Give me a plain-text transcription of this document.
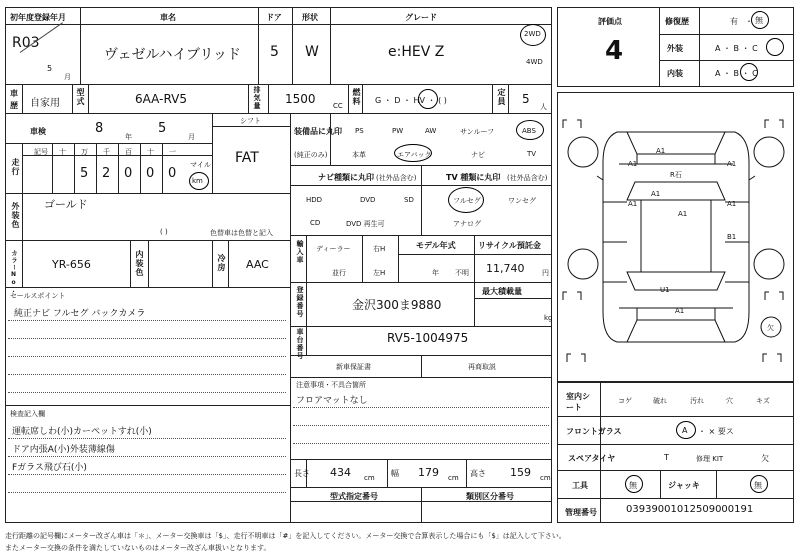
初年度登録年月
R03
5
月
車名
ヴェゼルハイブリッド
ドア
5
形状
W
グレード
e:HEV Z
2WD
4WD
評価点
4
修復歴	有 ・ 無
外装	A ・ B ・ C
内装	A ・ B ・ C
車
歴 自家用 型式	6AA-RV5	排気量 1500 CC 燃料 G ・ D ・ HV ・ ( )	定員 5
人
車検	8
年
5
月
シフト
FAT
走行
記号 十 万 千 百 十 一
5 2 0 0 0
マイル
km
装備品に丸印
(純正のみ)
PS	PW	AW	サンルーフ	ABS
本革	エアバック	ナビ	TV
ナビ種類に丸印 (社外品含む)	TV 種類に丸印 (社外品含む)
HDD	DVD	SD
DVD 再生可
CD
フルセグ	ワンセグ
アナログ
外装色 ゴールド
( )	色替車は色替と記入
輸入車 ディーラー
並行
右H
左H
モデル年式
年 不明
リサイクル預託金
11,740	円
カラーNo.	YR-656	内装色	冷房 AAC
セールスポイント
純正ナビ フルセグ バックカメラ	登録番号	金沢300ま9880
最大積載量
kg
車台番号	RV5-1004975
新車保証書	再商取説
注意事項・不具合箇所
フロアマットなし
検査記入欄
運転席しわ(小)カーペットすれ(小)
ドア内張A(小)外装薄線傷
Fガラス飛び石(小)
長さ 434 cm 幅 179 cm 高さ 159 cm
型式指定番号	類別区分番号
A1
A1	A1
A1
R石
A1
B1
U1
A1
A1
A1
欠
室内シート
コゲ	破れ	汚れ	穴	キズ
フロントガラス	A ・ × 要ス
スペアタイヤ	T	修理 KIT	欠
工具	無	ジャッキ	無
管理番号	03939001012509000191
走行距離の記号欄にメーター改ざん車は「＊」、メーター交換車は「$」、走行不明車は「#」を記入してください。メーター交換で合算表示した場合にも「$」は記入して下さい。
またメーター交換の条件を満たしていないものはメーター改ざん車扱いとなります。
